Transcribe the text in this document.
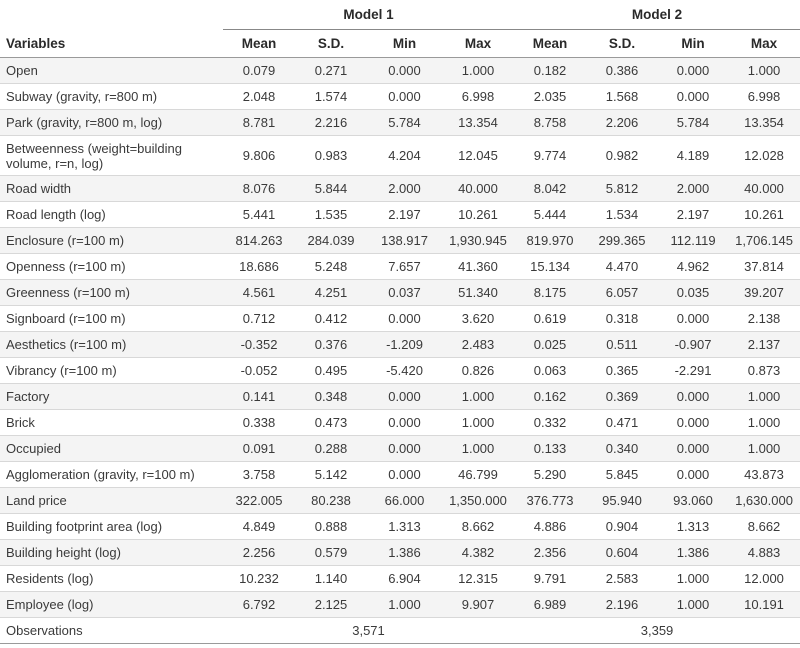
	Model 1				Model 2			
Variables	Mean	S.D.	Min	Max	Mean	S.D.	Min	Max
Open	0.079	0.271	0.000	1.000	0.182	0.386	0.000	1.000
Subway (gravity, r=800 m)	2.048	1.574	0.000	6.998	2.035	1.568	0.000	6.998
Park (gravity, r=800 m, log)	8.781	2.216	5.784	13.354	8.758	2.206	5.784	13.354
Betweenness (weight=building volume, r=n, log)	9.806	0.983	4.204	12.045	9.774	0.982	4.189	12.028
Road width	8.076	5.844	2.000	40.000	8.042	5.812	2.000	40.000
Road length (log)	5.441	1.535	2.197	10.261	5.444	1.534	2.197	10.261
Enclosure (r=100 m)	814.263	284.039	138.917	1,930.945	819.970	299.365	112.119	1,706.145
Openness (r=100 m)	18.686	5.248	7.657	41.360	15.134	4.470	4.962	37.814
Greenness (r=100 m)	4.561	4.251	0.037	51.340	8.175	6.057	0.035	39.207
Signboard (r=100 m)	0.712	0.412	0.000	3.620	0.619	0.318	0.000	2.138
Aesthetics (r=100 m)	-0.352	0.376	-1.209	2.483	0.025	0.511	-0.907	2.137
Vibrancy (r=100 m)	-0.052	0.495	-5.420	0.826	0.063	0.365	-2.291	0.873
Factory	0.141	0.348	0.000	1.000	0.162	0.369	0.000	1.000
Brick	0.338	0.473	0.000	1.000	0.332	0.471	0.000	1.000
Occupied	0.091	0.288	0.000	1.000	0.133	0.340	0.000	1.000
Agglomeration (gravity, r=100 m)	3.758	5.142	0.000	46.799	5.290	5.845	0.000	43.873
Land price	322.005	80.238	66.000	1,350.000	376.773	95.940	93.060	1,630.000
Building footprint area (log)	4.849	0.888	1.313	8.662	4.886	0.904	1.313	8.662
Building height (log)	2.256	0.579	1.386	4.382	2.356	0.604	1.386	4.883
Residents (log)	10.232	1.140	6.904	12.315	9.791	2.583	1.000	12.000
Employee (log)	6.792	2.125	1.000	9.907	6.989	2.196	1.000	10.191
Observations	3,571				3,359			
